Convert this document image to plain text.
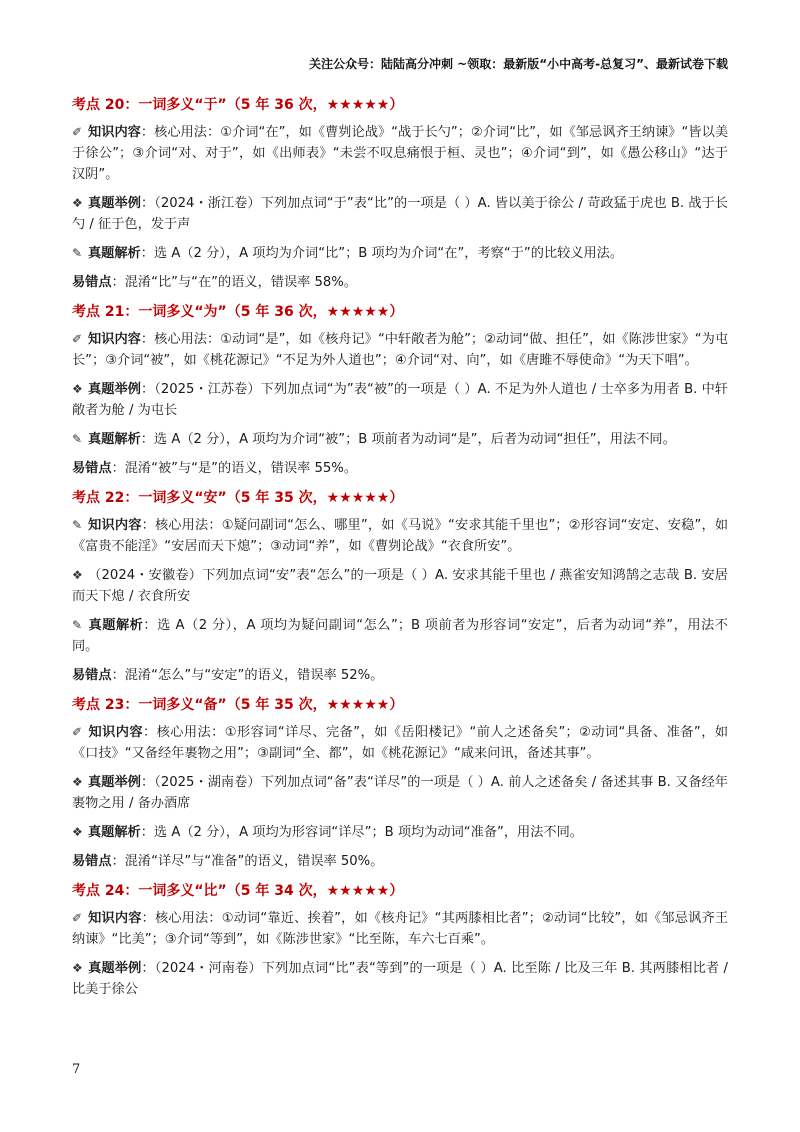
关注公众号：陆陆高分冲刺 ~领取：最新版“小中高考-总复习”、最新试卷下载
考点 20：一词多义“于”（5 年 36 次，★★★★★）

✐ 知识内容：核心用法：①介词“在”，如《曹刿论战》“战于长勺”；②介词“比”，如《邹忌讽齐王纳谏》“皆以美于徐公”；③介词“对、对于”，如《出师表》“未尝不叹息痛恨于桓、灵也”；④介词“到”，如《愚公移山》“达于汉阴”。

❖ 真题举例：（2024・浙江卷）下列加点词“于”表“比”的一项是（ ）A. 皆以美于徐公 / 苛政猛于虎也 B. 战于长勺 / 征于色，发于声

✎ 真题解析：选 A（2 分），A 项均为介词“比”；B 项均为介词“在”，考察“于”的比较义用法。

易错点：混淆“比”与“在”的语义，错误率 58%。

考点 21：一词多义“为”（5 年 36 次，★★★★★）

✐ 知识内容：核心用法：①动词“是”，如《核舟记》“中轩敞者为舱”；②动词“做、担任”，如《陈涉世家》“为屯长”；③介词“被”，如《桃花源记》“不足为外人道也”；④介词“对、向”，如《唐雎不辱使命》“为天下唱”。

❖ 真题举例：（2025・江苏卷）下列加点词“为”表“被”的一项是（ ）A. 不足为外人道也 / 士卒多为用者 B. 中轩敞者为舱 / 为屯长

✎ 真题解析：选 A（2 分），A 项均为介词“被”；B 项前者为动词“是”，后者为动词“担任”，用法不同。

易错点：混淆“被”与“是”的语义，错误率 55%。

考点 22：一词多义“安”（5 年 35 次，★★★★★）

✎ 知识内容：核心用法：①疑问副词“怎么、哪里”，如《马说》“安求其能千里也”；②形容词“安定、安稳”，如《富贵不能淫》“安居而天下熄”；③动词“养”，如《曹刿论战》“衣食所安”。

❖ （2024・安徽卷）下列加点词“安”表“怎么”的一项是（ ）A. 安求其能千里也 / 燕雀安知鸿鹄之志哉 B. 安居而天下熄 / 衣食所安

✎ 真题解析：选 A（2 分），A 项均为疑问副词“怎么”；B 项前者为形容词“安定”，后者为动词“养”，用法不同。

易错点：混淆“怎么”与“安定”的语义，错误率 52%。

考点 23：一词多义“备”（5 年 35 次，★★★★★）

✐ 知识内容：核心用法：①形容词“详尽、完备”，如《岳阳楼记》“前人之述备矣”；②动词“具备、准备”，如《口技》“又备经年裹物之用”；③副词“全、都”，如《桃花源记》“咸来问讯，备述其事”。

❖ 真题举例：（2025・湖南卷）下列加点词“备”表“详尽”的一项是（ ）A. 前人之述备矣 / 备述其事 B. 又备经年裹物之用 / 备办酒席

❖ 真题解析：选 A（2 分），A 项均为形容词“详尽”；B 项均为动词“准备”，用法不同。

易错点：混淆“详尽”与“准备”的语义，错误率 50%。

考点 24：一词多义“比”（5 年 34 次，★★★★★）

✐ 知识内容：核心用法：①动词“靠近、挨着”，如《核舟记》“其两膝相比者”；②动词“比较”，如《邹忌讽齐王纳谏》“比美”；③介词“等到”，如《陈涉世家》“比至陈，车六七百乘”。

❖ 真题举例：（2024・河南卷）下列加点词“比”表“等到”的一项是（ ）A. 比至陈 / 比及三年 B. 其两膝相比者 / 比美于徐公

7
